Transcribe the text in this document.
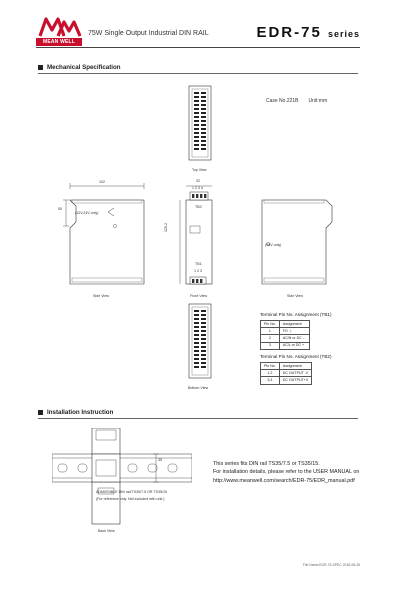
MEAN WELL
75W Single Output Industrial DIN RAIL	EDR-75 series
Mechanical Specification
Case No.221B Unit:mm
Top View
102
55
(12V,24V only)
Side View
32
1 2 3 4
TB3
125.2
TB1
1 2 3
Front View
(48V only)
Side View
Bottom View
Terminal Pin No. Assignment (TB1)
Pin No.	Assignment
1	FG ⏚
2	AC/N or DC -
3	AC/L or DC +
Terminal Pin No. Assignment (TB2)
Pin No.	Assignment
1,2	DC OUTPUT -V
3,4	DC OUTPUT+V
Installation Instruction
35
ADMISSIBLE DIN rail:TS35/7.5 OR TS35/15
(For reference only. Not included with unit.)
Back View
This series fits DIN rail TS35/7.5 or TS35/15.
For installation details, please refer to the USER MANUAL on
http://www.meanwell.com/search/EDR-75/EDR_manual.pdf
File Name:EDR-75-SPEC 2018-08-28
